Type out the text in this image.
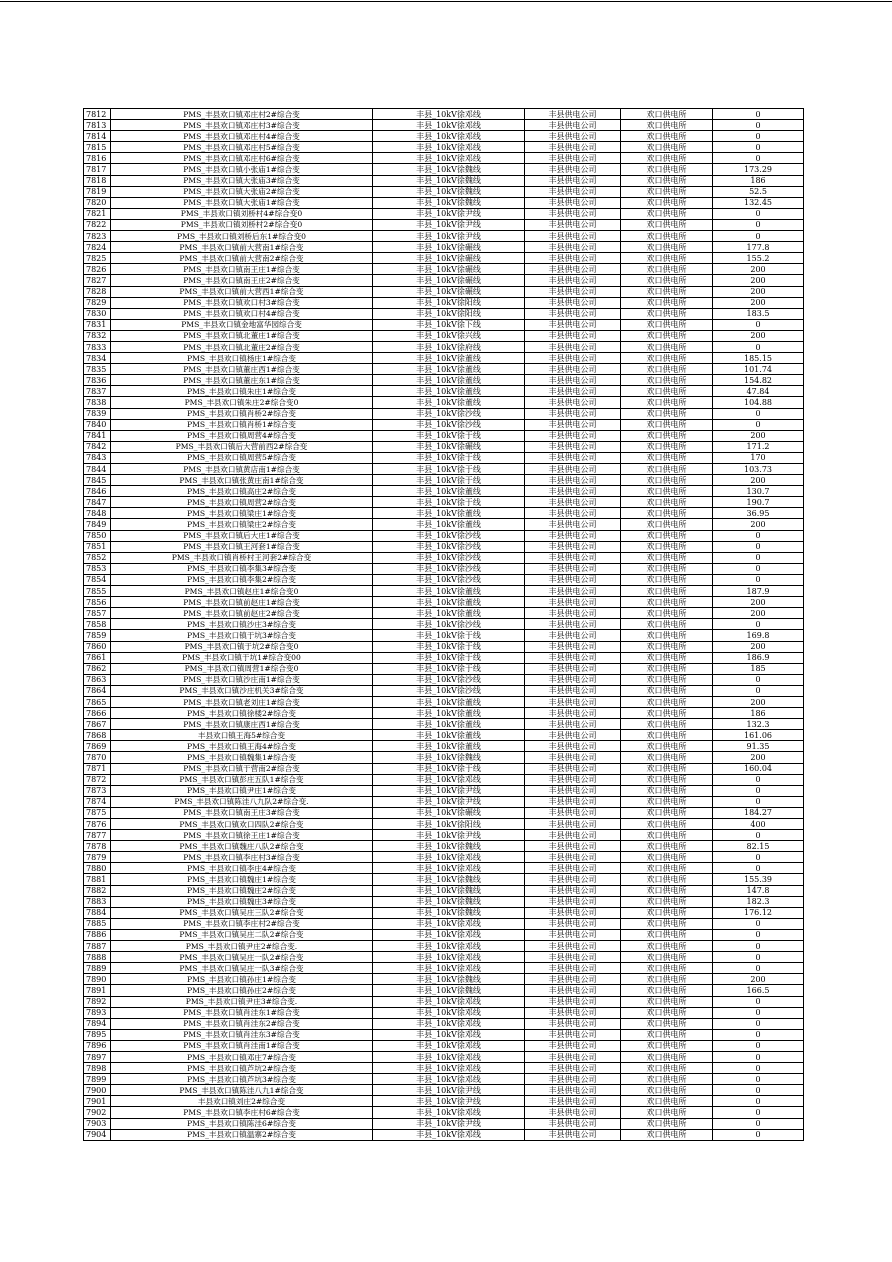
7812	PMS_丰县欢口镇邓庄村2#综合变	丰县_10kV徐邓线	丰县供电公司	欢口供电所	0
7813	PMS_丰县欢口镇邓庄村3#综合变	丰县_10kV徐邓线	丰县供电公司	欢口供电所	0
7814	PMS_丰县欢口镇邓庄村4#综合变	丰县_10kV徐邓线	丰县供电公司	欢口供电所	0
7815	PMS_丰县欢口镇邓庄村5#综合变	丰县_10kV徐邓线	丰县供电公司	欢口供电所	0
7816	PMS_丰县欢口镇邓庄村6#综合变	丰县_10kV徐邓线	丰县供电公司	欢口供电所	0
7817	PMS_丰县欢口镇小张庙1#综合变	丰县_10kV徐魏线	丰县供电公司	欢口供电所	173.29
7818	PMS_丰县欢口镇大张庙3#综合变	丰县_10kV徐魏线	丰县供电公司	欢口供电所	186
7819	PMS_丰县欢口镇大张庙2#综合变	丰县_10kV徐魏线	丰县供电公司	欢口供电所	52.5
7820	PMS_丰县欢口镇大张庙1#综合变	丰县_10kV徐魏线	丰县供电公司	欢口供电所	132.45
7821	PMS_丰县欢口镇刘桥村4#综合变0	丰县_10kV徐尹线	丰县供电公司	欢口供电所	0
7822	PMS_丰县欢口镇刘桥村2#综合变0	丰县_10kV徐尹线	丰县供电公司	欢口供电所	0
7823	PMS_丰县欢口镇刘桥后东1#综合变0	丰县_10kV徐尹线	丰县供电公司	欢口供电所	0
7824	PMS_丰县欢口镇前大营南1#综合变	丰县_10kV徐碾线	丰县供电公司	欢口供电所	177.8
7825	PMS_丰县欢口镇前大营南2#综合变	丰县_10kV徐碾线	丰县供电公司	欢口供电所	155.2
7826	PMS_丰县欢口镇南王庄1#综合变	丰县_10kV徐碾线	丰县供电公司	欢口供电所	200
7827	PMS_丰县欢口镇南王庄2#综合变	丰县_10kV徐碾线	丰县供电公司	欢口供电所	200
7828	PMS_丰县欢口镇前大营西1#综合变	丰县_10kV徐碾线	丰县供电公司	欢口供电所	200
7829	PMS_丰县欢口镇欢口村3#综合变	丰县_10kV徐阳线	丰县供电公司	欢口供电所	200
7830	PMS_丰县欢口镇欢口村4#综合变	丰县_10kV徐阳线	丰县供电公司	欢口供电所	183.5
7831	PMS_丰县欢口镇金地富华园综合变	丰县_10kV徐下线	丰县供电公司	欢口供电所	0
7832	PMS_丰县欢口镇北董庄1#综合变	丰县_10kV徐兴线	丰县供电公司	欢口供电所	200
7833	PMS_丰县欢口镇北董庄2#综合变	丰县_10kV徐府线	丰县供电公司	欢口供电所	0
7834	PMS_丰县欢口镇杨庄1#综合变	丰县_10kV徐董线	丰县供电公司	欢口供电所	185.15
7835	PMS_丰县欢口镇董庄西1#综合变	丰县_10kV徐董线	丰县供电公司	欢口供电所	101.74
7836	PMS_丰县欢口镇董庄东1#综合变	丰县_10kV徐董线	丰县供电公司	欢口供电所	154.82
7837	PMS_丰县欢口镇朱庄1#综合变	丰县_10kV徐董线	丰县供电公司	欢口供电所	47.84
7838	PMS_丰县欢口镇朱庄2#综合变0	丰县_10kV徐董线	丰县供电公司	欢口供电所	104.88
7839	PMS_丰县欢口镇肖桥2#综合变	丰县_10kV徐沙线	丰县供电公司	欢口供电所	0
7840	PMS_丰县欢口镇肖桥1#综合变	丰县_10kV徐沙线	丰县供电公司	欢口供电所	0
7841	PMS_丰县欢口镇周营4#综合变	丰县_10kV徐于线	丰县供电公司	欢口供电所	200
7842	PMS_丰县欢口镇后大营前西2#综合变	丰县_10kV徐碾线	丰县供电公司	欢口供电所	171.2
7843	PMS_丰县欢口镇周营5#综合变	丰县_10kV徐于线	丰县供电公司	欢口供电所	170
7844	PMS_丰县欢口镇黄店南1#综合变	丰县_10kV徐于线	丰县供电公司	欢口供电所	103.73
7845	PMS_丰县欢口镇张黄庄南1#综合变	丰县_10kV徐于线	丰县供电公司	欢口供电所	200
7846	PMS_丰县欢口镇高庄2#综合变	丰县_10kV徐董线	丰县供电公司	欢口供电所	130.7
7847	PMS_丰县欢口镇周营2#综合变	丰县_10kV徐于线	丰县供电公司	欢口供电所	190.7
7848	PMS_丰县欢口镇梁庄1#综合变	丰县_10kV徐董线	丰县供电公司	欢口供电所	36.95
7849	PMS_丰县欢口镇梁庄2#综合变	丰县_10kV徐董线	丰县供电公司	欢口供电所	200
7850	PMS_丰县欢口镇后大庄1#综合变	丰县_10kV徐沙线	丰县供电公司	欢口供电所	0
7851	PMS_丰县欢口镇王河套1#综合变	丰县_10kV徐沙线	丰县供电公司	欢口供电所	0
7852	PMS_丰县欢口镇肖桥村王河套2#综合变	丰县_10kV徐沙线	丰县供电公司	欢口供电所	0
7853	PMS_丰县欢口镇李集3#综合变	丰县_10kV徐沙线	丰县供电公司	欢口供电所	0
7854	PMS_丰县欢口镇李集2#综合变	丰县_10kV徐沙线	丰县供电公司	欢口供电所	0
7855	PMS_丰县欢口镇赵庄1#综合变0	丰县_10kV徐董线	丰县供电公司	欢口供电所	187.9
7856	PMS_丰县欢口镇前赵庄1#综合变	丰县_10kV徐董线	丰县供电公司	欢口供电所	200
7857	PMS_丰县欢口镇前赵庄2#综合变	丰县_10kV徐董线	丰县供电公司	欢口供电所	200
7858	PMS_丰县欢口镇沙庄3#综合变	丰县_10kV徐沙线	丰县供电公司	欢口供电所	0
7859	PMS_丰县欢口镇于坑3#综合变	丰县_10kV徐于线	丰县供电公司	欢口供电所	169.8
7860	PMS_丰县欢口镇于坑2#综合变0	丰县_10kV徐于线	丰县供电公司	欢口供电所	200
7861	PMS_丰县欢口镇于坑1#综合变00	丰县_10kV徐于线	丰县供电公司	欢口供电所	186.9
7862	PMS_丰县欢口镇周营1#综合变0	丰县_10kV徐于线	丰县供电公司	欢口供电所	185
7863	PMS_丰县欢口镇沙庄南1#综合变	丰县_10kV徐沙线	丰县供电公司	欢口供电所	0
7864	PMS_丰县欢口镇沙庄机关3#综合变	丰县_10kV徐沙线	丰县供电公司	欢口供电所	0
7865	PMS_丰县欢口镇老刘庄1#综合变	丰县_10kV徐董线	丰县供电公司	欢口供电所	200
7866	PMS_丰县欢口镇徐楼2#综合变	丰县_10kV徐董线	丰县供电公司	欢口供电所	186
7867	PMS_丰县欢口镇康庄西1#综合变	丰县_10kV徐董线	丰县供电公司	欢口供电所	132.3
7868	丰县欢口镇王海5#综合变	丰县_10kV徐董线	丰县供电公司	欢口供电所	161.06
7869	PMS_丰县欢口镇王海4#综合变	丰县_10kV徐董线	丰县供电公司	欢口供电所	91.35
7870	PMS_丰县欢口镇魏集1#综合变	丰县_10kV徐魏线	丰县供电公司	欢口供电所	200
7871	PMS_丰县欢口镇于营南2#综合变	丰县_10kV徐于线	丰县供电公司	欢口供电所	160.04
7872	PMS_丰县欢口镇彭庄五队1#综合变	丰县_10kV徐邓线	丰县供电公司	欢口供电所	0
7873	PMS_丰县欢口镇尹庄1#综合变	丰县_10kV徐尹线	丰县供电公司	欢口供电所	0
7874	PMS_丰县欢口镇陈洼八九队2#综合变.	丰县_10kV徐尹线	丰县供电公司	欢口供电所	0
7875	PMS_丰县欢口镇南王庄3#综合变	丰县_10kV徐碾线	丰县供电公司	欢口供电所	184.27
7876	PMS_丰县欢口镇欢口四队2#综合变	丰县_10kV徐阳线	丰县供电公司	欢口供电所	400
7877	PMS_丰县欢口镇徐王庄1#综合变	丰县_10kV徐尹线	丰县供电公司	欢口供电所	0
7878	PMS_丰县欢口镇魏庄八队2#综合变	丰县_10kV徐魏线	丰县供电公司	欢口供电所	82.15
7879	PMS_丰县欢口镇李庄村3#综合变	丰县_10kV徐邓线	丰县供电公司	欢口供电所	0
7880	PMS_丰县欢口镇李庄4#综合变	丰县_10kV徐邓线	丰县供电公司	欢口供电所	0
7881	PMS_丰县欢口镇魏庄1#综合变	丰县_10kV徐魏线	丰县供电公司	欢口供电所	155.39
7882	PMS_丰县欢口镇魏庄2#综合变	丰县_10kV徐魏线	丰县供电公司	欢口供电所	147.8
7883	PMS_丰县欢口镇魏庄3#综合变	丰县_10kV徐魏线	丰县供电公司	欢口供电所	182.3
7884	PMS_丰县欢口镇吴庄三队2#综合变	丰县_10kV徐魏线	丰县供电公司	欢口供电所	176.12
7885	PMS_丰县欢口镇李庄村2#综合变	丰县_10kV徐邓线	丰县供电公司	欢口供电所	0
7886	PMS_丰县欢口镇吴庄二队2#综合变	丰县_10kV徐邓线	丰县供电公司	欢口供电所	0
7887	PMS_丰县欢口镇尹庄2#综合变.	丰县_10kV徐邓线	丰县供电公司	欢口供电所	0
7888	PMS_丰县欢口镇吴庄一队2#综合变	丰县_10kV徐邓线	丰县供电公司	欢口供电所	0
7889	PMS_丰县欢口镇吴庄一队3#综合变	丰县_10kV徐邓线	丰县供电公司	欢口供电所	0
7890	PMS_丰县欢口镇孙庄1#综合变	丰县_10kV徐魏线	丰县供电公司	欢口供电所	200
7891	PMS_丰县欢口镇孙庄2#综合变	丰县_10kV徐魏线	丰县供电公司	欢口供电所	166.5
7892	PMS_丰县欢口镇尹庄3#综合变.	丰县_10kV徐邓线	丰县供电公司	欢口供电所	0
7893	PMS_丰县欢口镇肖洼东1#综合变	丰县_10kV徐邓线	丰县供电公司	欢口供电所	0
7894	PMS_丰县欢口镇肖洼东2#综合变	丰县_10kV徐邓线	丰县供电公司	欢口供电所	0
7895	PMS_丰县欢口镇肖洼东3#综合变	丰县_10kV徐邓线	丰县供电公司	欢口供电所	0
7896	PMS_丰县欢口镇肖洼南1#综合变	丰县_10kV徐邓线	丰县供电公司	欢口供电所	0
7897	PMS_丰县欢口镇邓庄7#综合变	丰县_10kV徐邓线	丰县供电公司	欢口供电所	0
7898	PMS_丰县欢口镇芦坑2#综合变	丰县_10kV徐邓线	丰县供电公司	欢口供电所	0
7899	PMS_丰县欢口镇芦坑3#综合变	丰县_10kV徐邓线	丰县供电公司	欢口供电所	0
7900	PMS_丰县欢口镇陈洼八九1#综合变	丰县_10kV徐尹线	丰县供电公司	欢口供电所	0
7901	丰县欢口镇刘庄2#综合变	丰县_10kV徐尹线	丰县供电公司	欢口供电所	0
7902	PMS_丰县欢口镇李庄村6#综合变	丰县_10kV徐邓线	丰县供电公司	欢口供电所	0
7903	PMS_丰县欢口镇陈洼6#综合变	丰县_10kV徐尹线	丰县供电公司	欢口供电所	0
7904	PMS_丰县欢口镇温寨2#综合变	丰县_10kV徐邓线	丰县供电公司	欢口供电所	0
